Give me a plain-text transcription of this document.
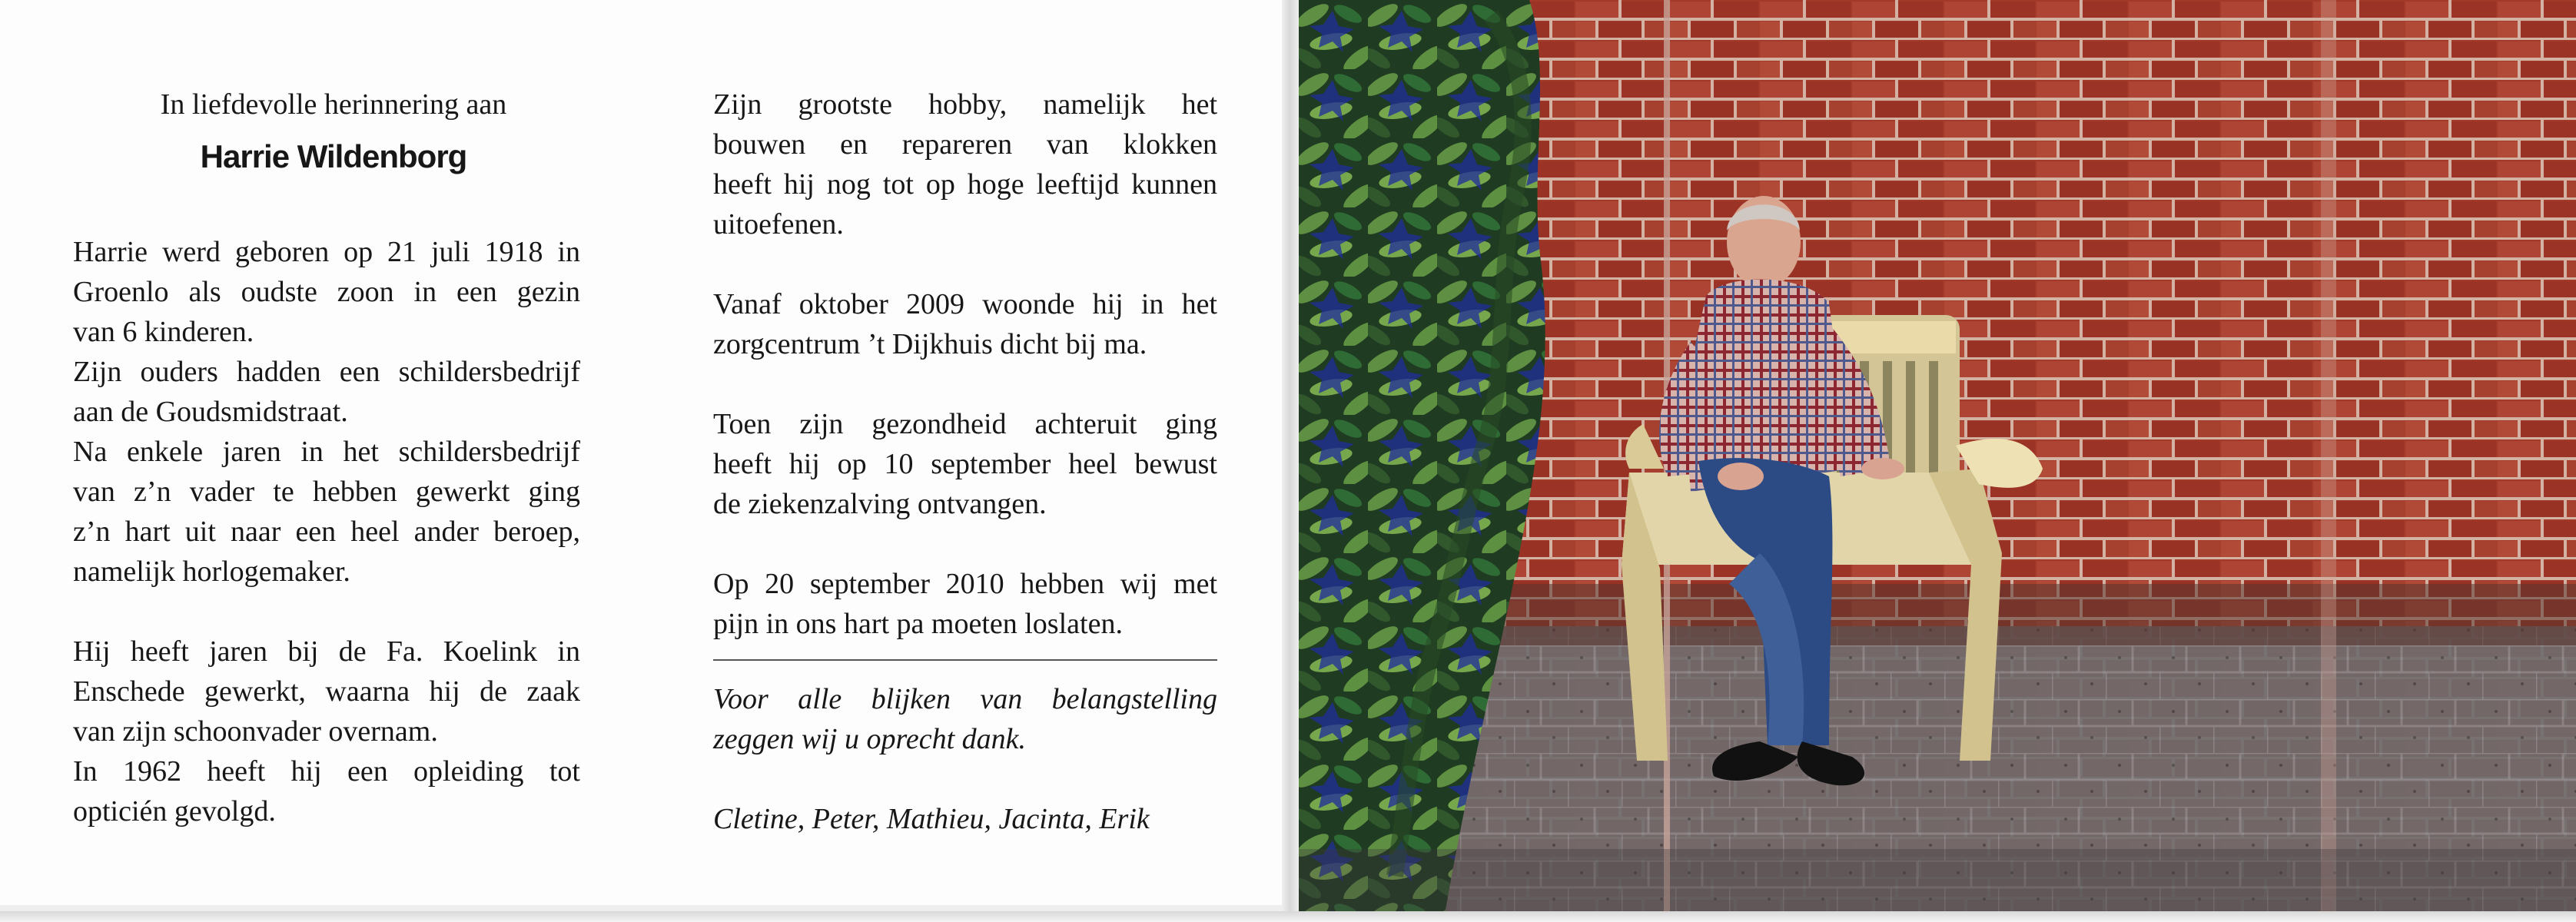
In liefdevolle herinnering aan
Harrie Wildenborg
Harrie werd geboren op 21 juli 1918 in
Groenlo als oudste zoon in een gezin
van 6 kinderen.
Zijn ouders hadden een schildersbedrijf
aan de Goudsmidstraat.
Na enkele jaren in het schildersbedrijf
van z’n vader te hebben gewerkt ging
z’n hart uit naar een heel ander beroep,
namelijk horlogemaker.
Hij heeft jaren bij de Fa. Koelink in
Enschede gewerkt, waarna hij de zaak
van zijn schoonvader overnam.
In 1962 heeft hij een opleiding tot
opticién gevolgd.
Zijn grootste hobby, namelijk het
bouwen en repareren van klokken
heeft hij nog tot op hoge leeftijd kunnen
uitoefenen.
Vanaf oktober 2009 woonde hij in het
zorgcentrum ’t Dijkhuis dicht bij ma.
Toen zijn gezondheid achteruit ging
heeft hij op 10 september heel bewust
de ziekenzalving ontvangen.
Op 20 september 2010 hebben wij met
pijn in ons hart pa moeten loslaten.
Voor alle blijken van belangstelling
zeggen wij u oprecht dank.
Cletine, Peter, Mathieu, Jacinta, Erik
